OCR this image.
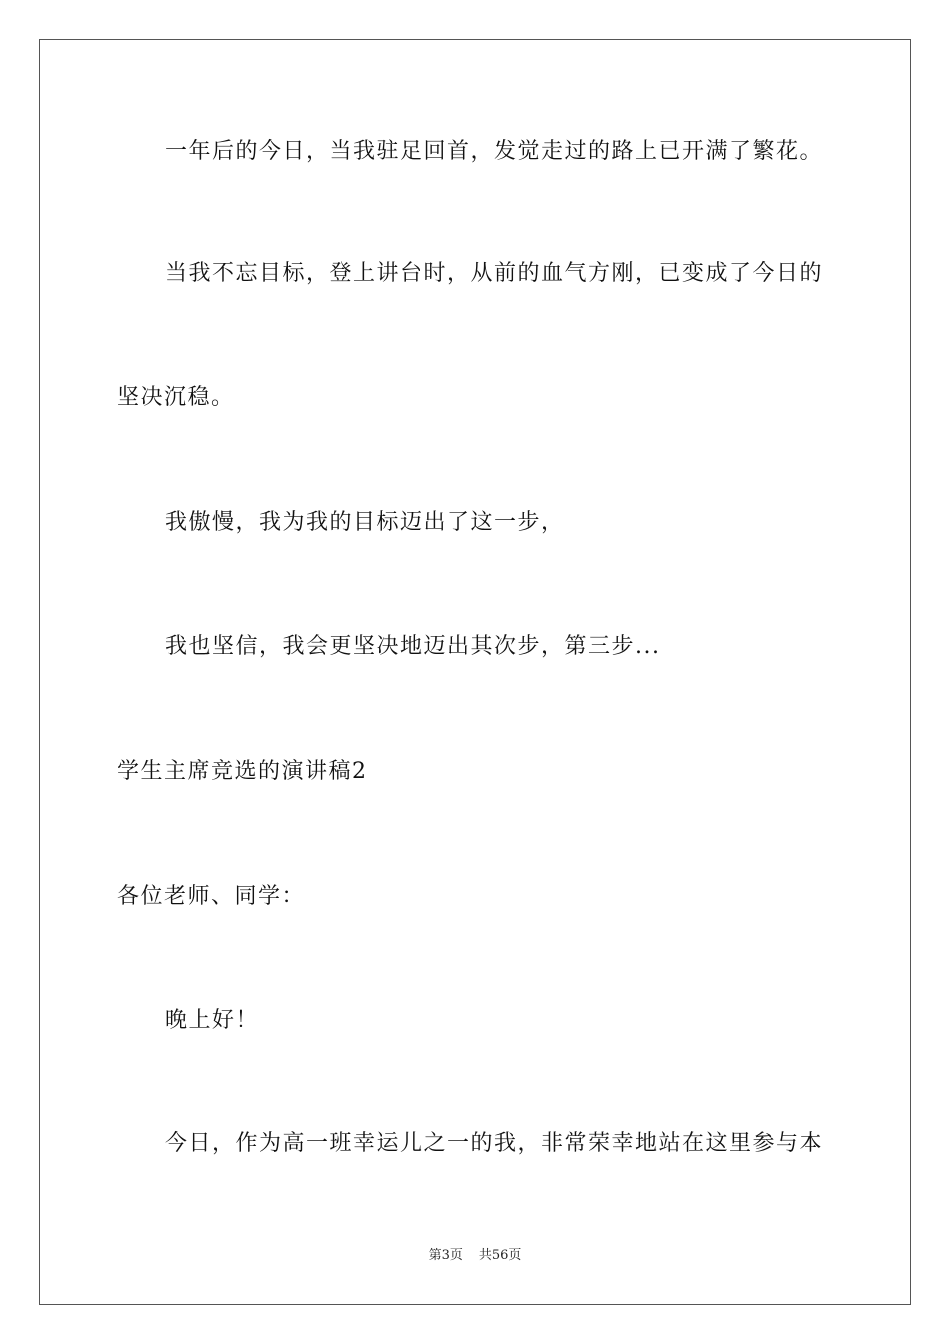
一年后的今日，当我驻足回首，发觉走过的路上已开满了繁花。
当我不忘目标，登上讲台时，从前的血气方刚，已变成了今日的
坚决沉稳。
我傲慢，我为我的目标迈出了这一步，
我也坚信，我会更坚决地迈出其次步，第三步...
学生主席竞选的演讲稿2
各位老师、同学：
晚上好！
今日，作为高一班幸运儿之一的我，非常荣幸地站在这里参与本
第3页 共56页
